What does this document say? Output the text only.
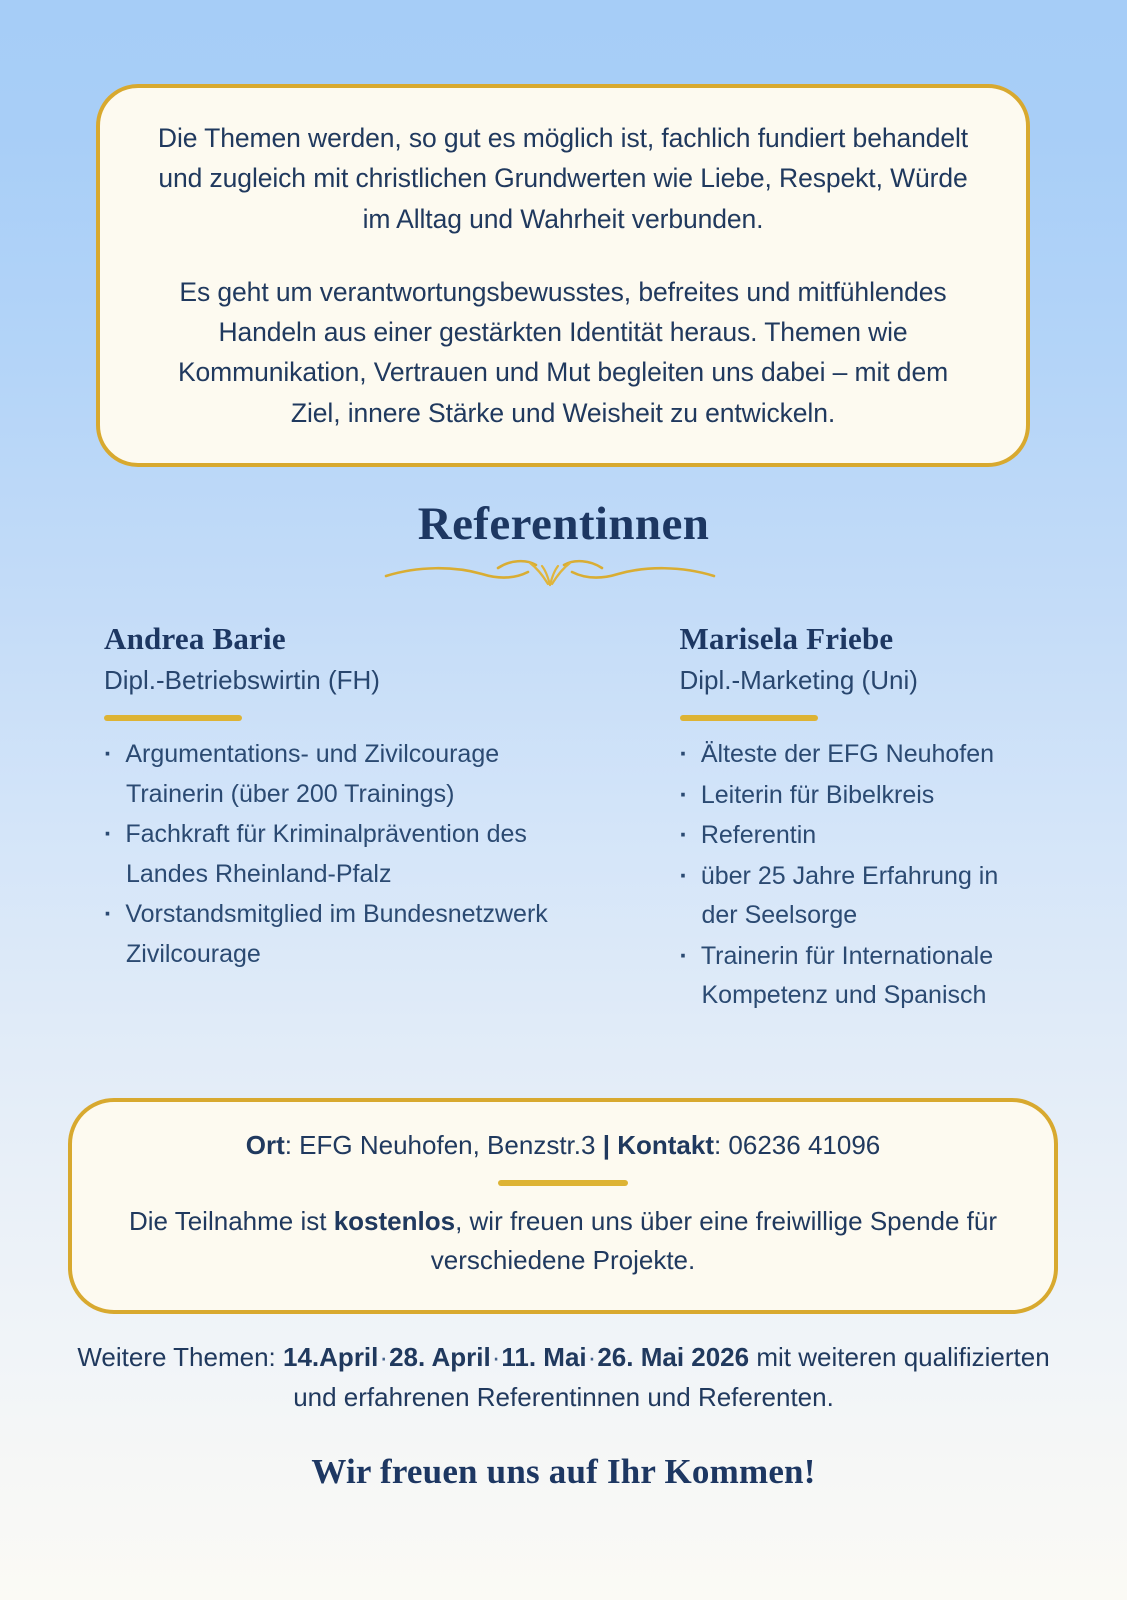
Die Themen werden, so gut es möglich ist, fachlich fundiert behandelt und zugleich mit christlichen Grundwerten wie Liebe, Respekt, Würde im Alltag und Wahrheit verbunden.

Es geht um verantwortungsbewusstes, befreites und mitfühlendes Handeln aus einer gestärkten Identität heraus. Themen wie Kommunikation, Vertrauen und Mut begleiten uns dabei – mit dem Ziel, innere Stärke und Weisheit zu entwickeln.

Referentinnen
Andrea Barie
Dipl.-Betriebswirtin (FH)
· Argumentations- und Zivilcourage Trainerin (über 200 Trainings)
· Fachkraft für Kriminalprävention des Landes Rheinland-Pfalz
· Vorstandsmitglied im Bundesnetzwerk Zivilcourage
Marisela Friebe
Dipl.-Marketing (Uni)
· Älteste der EFG Neuhofen
· Leiterin für Bibelkreis
· Referentin
· über 25 Jahre Erfahrung in der Seelsorge
· Trainerin für Internationale Kompetenz und Spanisch

Ort: EFG Neuhofen, Benzstr.3 | Kontakt: 06236 41096

Die Teilnahme ist kostenlos, wir freuen uns über eine freiwillige Spende für verschiedene Projekte.

Weitere Themen: 14.April·28. April·11. Mai·26. Mai 2026 mit weiteren qualifizierten und erfahrenen Referentinnen und Referenten.

Wir freuen uns auf Ihr Kommen!
